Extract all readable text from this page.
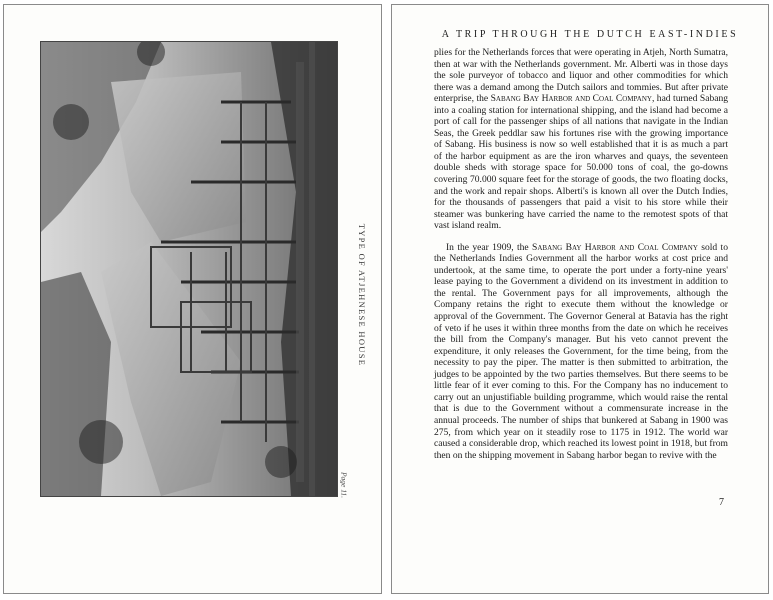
TYPE OF ATJEHNESE HOUSE
Page 11.
A TRIP THROUGH THE DUTCH EAST-INDIES

plies for the Netherlands forces that were operating in Atjeh, North Sumatra, then at war with the Netherlands government. Mr. Alberti was in those days the sole purveyor of tobacco and liquor and other commodities for which there was a demand among the Dutch sailors and tommies. But after private enterprise, the Sabang Bay Harbor and Coal Company, had turned Sabang into a coaling station for international shipping, and the island had become a port of call for the passenger ships of all nations that navigate in the Indian Seas, the Greek peddlar saw his fortunes rise with the growing importance of Sabang. His business is now so well established that it is as much a part of the harbor equipment as are the iron wharves and quays, the seventeen double sheds with storage space for 50.000 tons of coal, the go-downs covering 70.000 square feet for the storage of goods, the two floating docks, and the work and repair shops. Alberti's is known all over the Dutch Indies, for the thousands of passengers that paid a visit to his store while their steamer was bunkering have carried the name to the remotest spots of that vast island realm.

In the year 1909, the Sabang Bay Harbor and Coal Company sold to the Netherlands Indies Government all the harbor works at cost price and undertook, at the same time, to operate the port under a forty-nine years' lease paying to the Government a dividend on its investment in addition to the rental. The Government pays for all improvements, although the Company retains the right to execute them without the knowledge or approval of the Government. The Governor General at Batavia has the right of veto if he uses it within three months from the date on which he receives the bill from the Company's manager. But his veto cannot prevent the expenditure, it only releases the Government, for the time being, from the necessity to pay the piper. The matter is then submitted to arbitration, the judges to be appointed by the two parties themselves. But there seems to be little fear of it ever coming to this. For the Company has no inducement to carry out an unjustifiable building programme, which would raise the rental that is due to the Government without a commensurate increase in the annual proceeds. The number of ships that bunkered at Sabang in 1900 was 275, from which year on it steadily rose to 1175 in 1912. The world war caused a considerable drop, which reached its lowest point in 1918, but from then on the shipping movement in Sabang harbor began to revive with the

7
